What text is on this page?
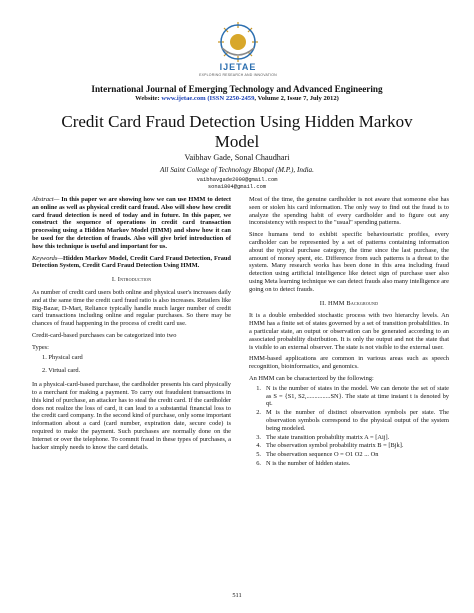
IJETAE
EXPLORING RESEARCH AND INNOVATION
International Journal of Emerging Technology and Advanced Engineering
Website: www.ijetae.com (ISSN 2250-2459, Volume 2, Issue 7, July 2012)
Credit Card Fraud Detection Using Hidden Markov Model
Vaibhav Gade, Sonal Chaudhari
All Saint College of Technology Bhopal (M.P.), India.
vaibhavgade2000@gmail.com
sona1804@gmail.com

Abstract— In this paper we are showing how we can use HMM to detect an online as well as physical credit card fraud. Also will show how credit card fraud detection is need of today and in future. In this paper, we construct the sequence of operations in credit card transaction processing using a Hidden Markov Model (HMM) and show how it can be used for the detection of frauds. Also will give brief introduction of how this technique is useful and important for us.

Keywords—Hidden Markov Model, Credit Card Fraud Detection, Fraud Detection System, Credit Card Fraud Detection Using HMM.

I. Introduction

As number of credit card users both online and physical user's increases daily and at the same time the credit card fraud ratio is also increases. Retailers like Big-Bazar, D-Mart, Reliance typically handle much larger number of credit card transactions including online and regular purchases. So there may be chances of fraud happening in the process of credit card use.

Credit-card-based purchases can be categorized into two

Types:
1. Physical card
2. Virtual card.

In a physical-card-based purchase, the cardholder presents his card physically to a merchant for making a payment. To carry out fraudulent transactions in this kind of purchase, an attacker has to steal the credit card. If the cardholder does not realize the loss of card, it can lead to a substantial financial loss to the credit card company. In the second kind of purchase, only some important information about a card (card number, expiration date, secure code) is required to make the payment. Such purchases are normally done on the Internet or over the telephone. To commit fraud in these types of purchases, a hacker simply needs to know the card details.

Most of the time, the genuine cardholder is not aware that someone else has seen or stolen his card information. The only way to find out the fraud is to analyze the spending habit of every cardholder and to figure out any inconsistency with respect to the "usual" spending patterns.

Since humans tend to exhibit specific behaviouristic profiles, every cardholder can be represented by a set of patterns containing information about the typical purchase category, the time since the last purchase, the amount of money spent, etc. Difference from such patterns is a threat to the system. Many research works has been done in this area including fraud detection using artificial intelligence like detect sign of purchase user also using Meta learning technique we can detect frauds also many intelligence are going on to detect frauds.

II. HMM Background

It is a double embedded stochastic process with two hierarchy levels. An HMM has a finite set of states governed by a set of transition probabilities. In a particular state, an output or observation can be generated according to an associated probability distribution. It is only the output and not the state that is visible to an external observer. The state is not visible to the external user.

HMM-based applications are common in various areas such as speech recognition, bioinformatics, and genomics.

An HMM can be characterized by the following:

1. N is the number of states in the model. We can denote the set of state as S = {S1, S2,...............SN}. The state at time instant t is denoted by qt.
2. M is the number of distinct observation symbols per state. The observation symbols correspond to the physical output of the system being modeled.
3. The state transition probability matrix A = [Aij].
4. The observation symbol probability matrix B = [Bjk].
5. The observation sequence O = O1 O2 ... On
6. N is the number of hidden states.
511
